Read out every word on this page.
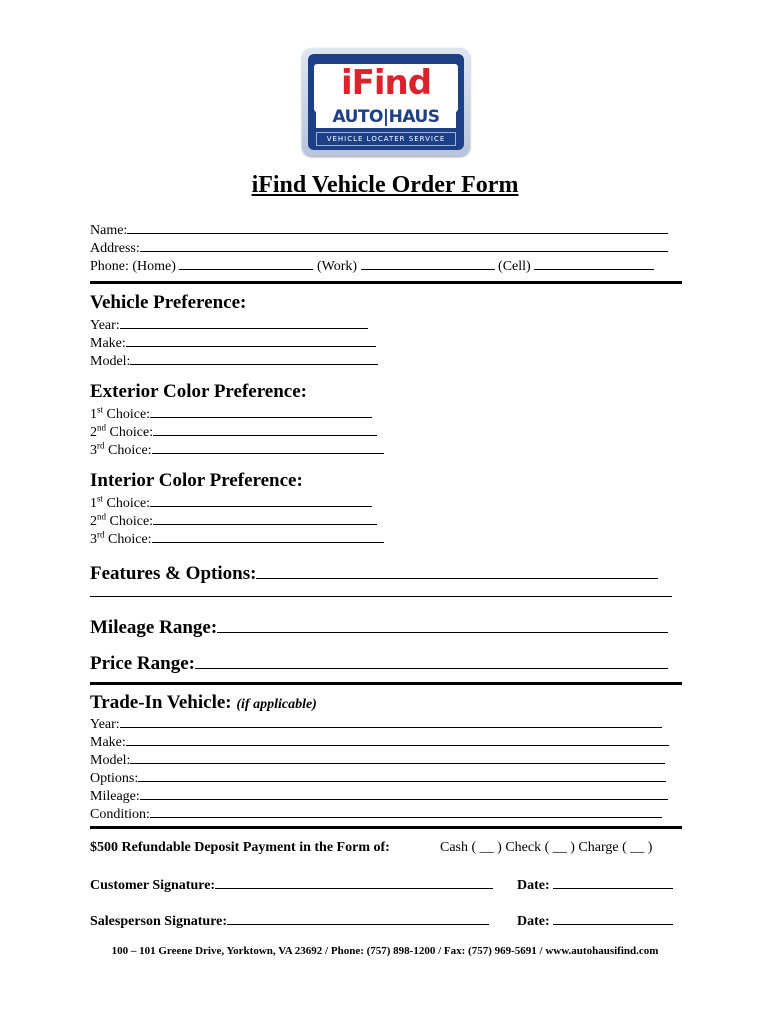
iFind
AUTO|HAUS
VEHICLE LOCATER SERVICE
iFind Vehicle Order Form
Name:
Address:
Phone: (Home)	(Work)	(Cell)
Vehicle Preference:
Year:
Make:
Model:
Exterior Color Preference:
1st Choice:
2nd Choice:
3rd Choice:
Interior Color Preference:
1st Choice:
2nd Choice:
3rd Choice:
Features & Options:
Mileage Range:
Price Range:
Trade-In Vehicle: (if applicable)
Year:
Make:
Model:
Options:
Mileage:
Condition:
$500 Refundable Deposit Payment in the Form of:	Cash ( __ ) Check ( __ ) Charge ( __ )
Customer Signature:	Date:
Salesperson Signature:	Date:
100 – 101 Greene Drive, Yorktown, VA 23692 / Phone: (757) 898-1200 / Fax: (757) 969-5691 / www.autohausifind.com
